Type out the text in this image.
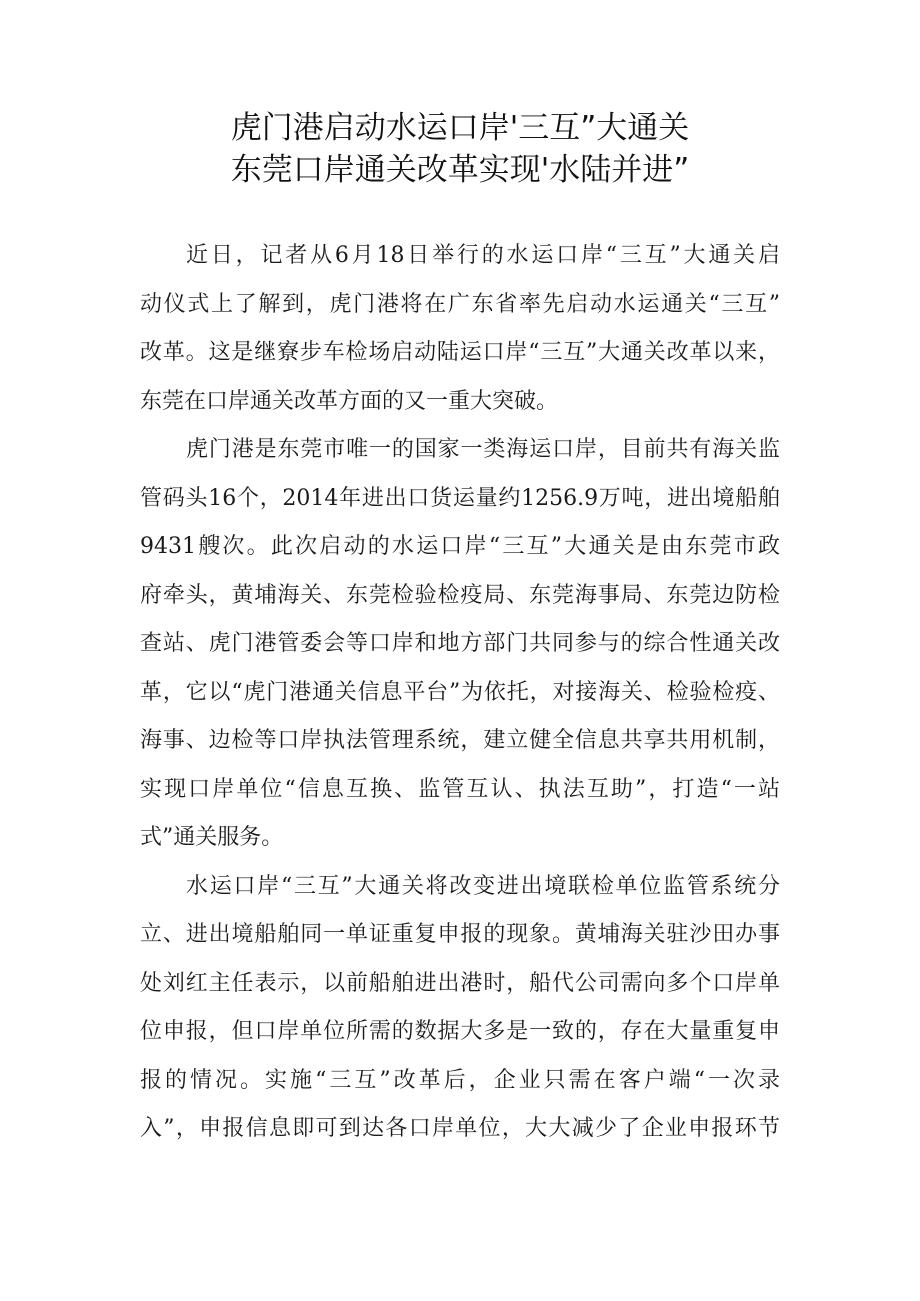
虎门港启动水运口岸'三互”大通关
东莞口岸通关改革实现'水陆并进”
近日，记者从6月18日举行的水运口岸“三互”大通关启
动仪式上了解到，虎门港将在广东省率先启动水运通关“三互”
改革。这是继寮步车检场启动陆运口岸“三互”大通关改革以来，
东莞在口岸通关改革方面的又一重大突破。
虎门港是东莞市唯一的国家一类海运口岸，目前共有海关监
管码头16个，2014年进出口货运量约1256.9万吨，进出境船舶
9431艘次。此次启动的水运口岸“三互”大通关是由东莞市政
府牵头，黄埔海关、东莞检验检疫局、东莞海事局、东莞边防检
查站、虎门港管委会等口岸和地方部门共同参与的综合性通关改
革，它以“虎门港通关信息平台”为依托，对接海关、检验检疫、
海事、边检等口岸执法管理系统，建立健全信息共享共用机制，
实现口岸单位“信息互换、监管互认、执法互助”，打造“一站
式”通关服务。
水运口岸“三互”大通关将改变进出境联检单位监管系统分
立、进出境船舶同一单证重复申报的现象。黄埔海关驻沙田办事
处刘红主任表示，以前船舶进出港时，船代公司需向多个口岸单
位申报，但口岸单位所需的数据大多是一致的，存在大量重复申
报的情况。实施“三互”改革后，企业只需在客户端“一次录
入”，申报信息即可到达各口岸单位，大大减少了企业申报环节
